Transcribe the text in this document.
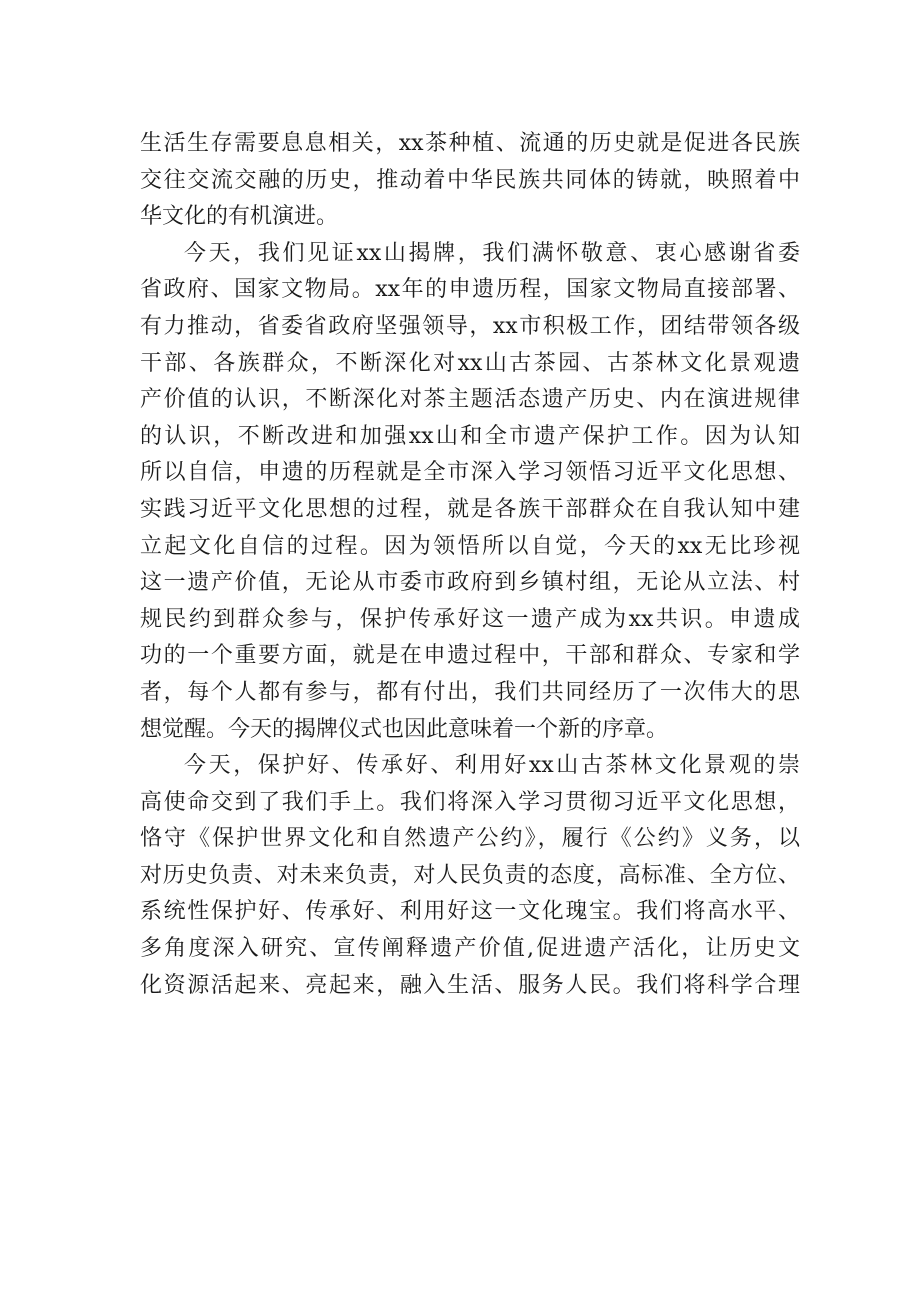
生活生存需要息息相关，xx茶种植、流通的历史就是促进各民族
交往交流交融的历史，推动着中华民族共同体的铸就，映照着中
华文化的有机演进。

今天，我们见证xx山揭牌，我们满怀敬意、衷心感谢省委
省政府、国家文物局。xx年的申遗历程，国家文物局直接部署、
有力推动，省委省政府坚强领导，xx市积极工作，团结带领各级
干部、各族群众，不断深化对xx山古茶园、古茶林文化景观遗
产价值的认识，不断深化对茶主题活态遗产历史、内在演进规律
的认识，不断改进和加强xx山和全市遗产保护工作。因为认知
所以自信，申遗的历程就是全市深入学习领悟习近平文化思想、
实践习近平文化思想的过程，就是各族干部群众在自我认知中建
立起文化自信的过程。因为领悟所以自觉，今天的xx无比珍视
这一遗产价值，无论从市委市政府到乡镇村组，无论从立法、村
规民约到群众参与，保护传承好这一遗产成为xx共识。申遗成
功的一个重要方面，就是在申遗过程中，干部和群众、专家和学
者，每个人都有参与，都有付出，我们共同经历了一次伟大的思
想觉醒。今天的揭牌仪式也因此意味着一个新的序章。

今天，保护好、传承好、利用好xx山古茶林文化景观的崇
高使命交到了我们手上。我们将深入学习贯彻习近平文化思想，
恪守《保护世界文化和自然遗产公约》，履行《公约》义务，以
对历史负责、对未来负责，对人民负责的态度，高标准、全方位、
系统性保护好、传承好、利用好这一文化瑰宝。我们将高水平、
多角度深入研究、宣传阐释遗产价值,促进遗产活化，让历史文
化资源活起来、亮起来，融入生活、服务人民。我们将科学合理
